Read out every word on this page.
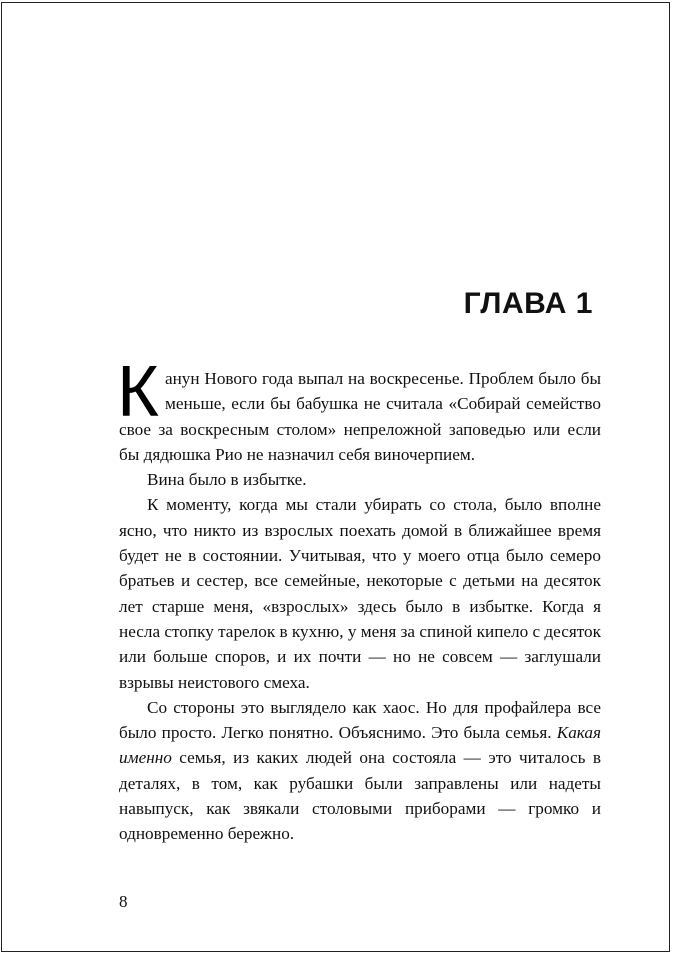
ГЛАВА 1

Канун Нового года выпал на воскресенье. Проблем было бы меньше, если бы бабушка не считала «Собирай семейство свое за воскресным столом» непреложной заповедью или если бы дядюшка Рио не назначил себя виночерпием.

Вина было в избытке.

К моменту, когда мы стали убирать со стола, было вполне ясно, что никто из взрослых поехать домой в ближайшее время будет не в состоянии. Учитывая, что у моего отца было семеро братьев и сестер, все семейные, некоторые с детьми на десяток лет старше меня, «взрослых» здесь было в избытке. Когда я несла стопку тарелок в кухню, у меня за спиной кипело с десяток или больше споров, и их почти — но не совсем — заглушали взрывы неистового смеха.

Со стороны это выглядело как хаос. Но для профайлера все было просто. Легко понятно. Объяснимо. Это была семья. Какая именно семья, из каких людей она состояла — это читалось в деталях, в том, как рубашки были заправлены или надеты навыпуск, как звякали столовыми приборами — громко и одновременно бережно.

8
